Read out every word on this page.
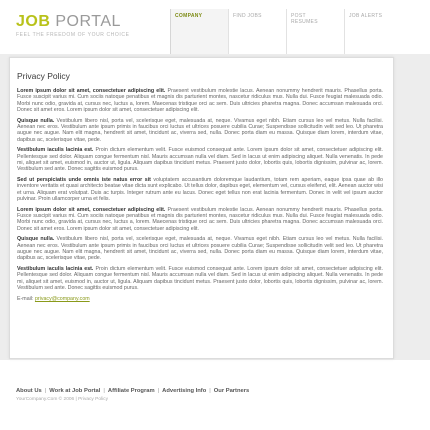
JOB PORTAL
FEEL THE FREEDOM OF YOUR CHOICE
COMPANY	FIND JOBS	POST RESUMES
JOB ALERTS
Privacy Policy

Lorem ipsum dolor sit amet, consectetuer adipiscing elit. Praesent vestibulum molestie lacus. Aenean nonummy hendrerit mauris. Phasellus porta. Fusce suscipit varius mi. Cum sociis natoque penatibus et magnis dis parturient montes, nascetur ridiculus mus. Nulla dui. Fusce feugiat malesuada odio. Morbi nunc odio, gravida at, cursus nec, luctus a, lorem. Maecenas tristique orci ac sem. Duis ultricies pharetra magna. Donec accumsan malesuada orci. Donec sit amet eros. Lorem ipsum dolor sit amet, consectetuer adipiscing elit.

Quisque nulla. Vestibulum libero nisl, porta vel, scelerisque eget, malesuada at, neque. Vivamus eget nibh. Etiam cursus leo vel metus. Nulla facilisi. Aenean nec eros. Vestibulum ante ipsum primis in faucibus orci luctus et ultrices posuere cubilia Curae; Suspendisse sollicitudin velit sed leo. Ut pharetra augue nec augue. Nam elit magna, hendrerit sit amet, tincidunt ac, viverra sed, nulla. Donec porta diam eu massa. Quisque diam lorem, interdum vitae, dapibus ac, scelerisque vitae, pede.

Vestibulum iaculis lacinia est. Proin dictum elementum velit. Fusce euismod consequat ante. Lorem ipsum dolor sit amet, consectetuer adipiscing elit. Pellentesque sed dolor. Aliquam congue fermentum nisl. Mauris accumsan nulla vel diam. Sed in lacus ut enim adipiscing aliquet. Nulla venenatis. In pede mi, aliquet sit amet, euismod in, auctor ut, ligula. Aliquam dapibus tincidunt metus. Praesent justo dolor, lobortis quis, lobortis dignissim, pulvinar ac, lorem. Vestibulum sed ante. Donec sagittis euismod purus.

Sed ut perspiciatis unde omnis iste natus error sit voluptatem accusantium doloremque laudantium, totam rem aperiam, eaque ipsa quae ab illo inventore veritatis et quasi architecto beatae vitae dicta sunt explicabo. Ut tellus dolor, dapibus eget, elementum vel, cursus eleifend, elit. Aenean auctor wisi et urna. Aliquam erat volutpat. Duis ac turpis. Integer rutrum ante eu lacus. Donec eget tellus non erat lacinia fermentum. Donec in velit vel ipsum auctor pulvinar. Proin ullamcorper urna et felis.

Lorem ipsum dolor sit amet, consectetuer adipiscing elit. Praesent vestibulum molestie lacus. Aenean nonummy hendrerit mauris. Phasellus porta. Fusce suscipit varius mi. Cum sociis natoque penatibus et magnis dis parturient montes, nascetur ridiculus mus. Nulla dui. Fusce feugiat malesuada odio. Morbi nunc odio, gravida at, cursus nec, luctus a, lorem. Maecenas tristique orci ac sem. Duis ultricies pharetra magna. Donec accumsan malesuada orci. Donec sit amet eros. Lorem ipsum dolor sit amet, consectetuer adipiscing elit.

Quisque nulla. Vestibulum libero nisl, porta vel, scelerisque eget, malesuada at, neque. Vivamus eget nibh. Etiam cursus leo vel metus. Nulla facilisi. Aenean nec eros. Vestibulum ante ipsum primis in faucibus orci luctus et ultrices posuere cubilia Curae; Suspendisse sollicitudin velit sed leo. Ut pharetra augue nec augue. Nam elit magna, hendrerit sit amet, tincidunt ac, viverra sed, nulla. Donec porta diam eu massa. Quisque diam lorem, interdum vitae, dapibus ac, scelerisque vitae, pede.

Vestibulum iaculis lacinia est. Proin dictum elementum velit. Fusce euismod consequat ante. Lorem ipsum dolor sit amet, consectetuer adipiscing elit. Pellentesque sed dolor. Aliquam congue fermentum nisl. Mauris accumsan nulla vel diam. Sed in lacus ut enim adipiscing aliquet. Nulla venenatis. In pede mi, aliquet sit amet, euismod in, auctor ut, ligula. Aliquam dapibus tincidunt metus. Praesent justo dolor, lobortis quis, lobortis dignissim, pulvinar ac, lorem. Vestibulum sed ante. Donec sagittis euismod purus.

E-mail: privacy@company.com
About Us | Work at Job Portal | Affiliate Program | Advertising Info | Our Partners
YourCompany.Com © 2006 | Privacy Policy
